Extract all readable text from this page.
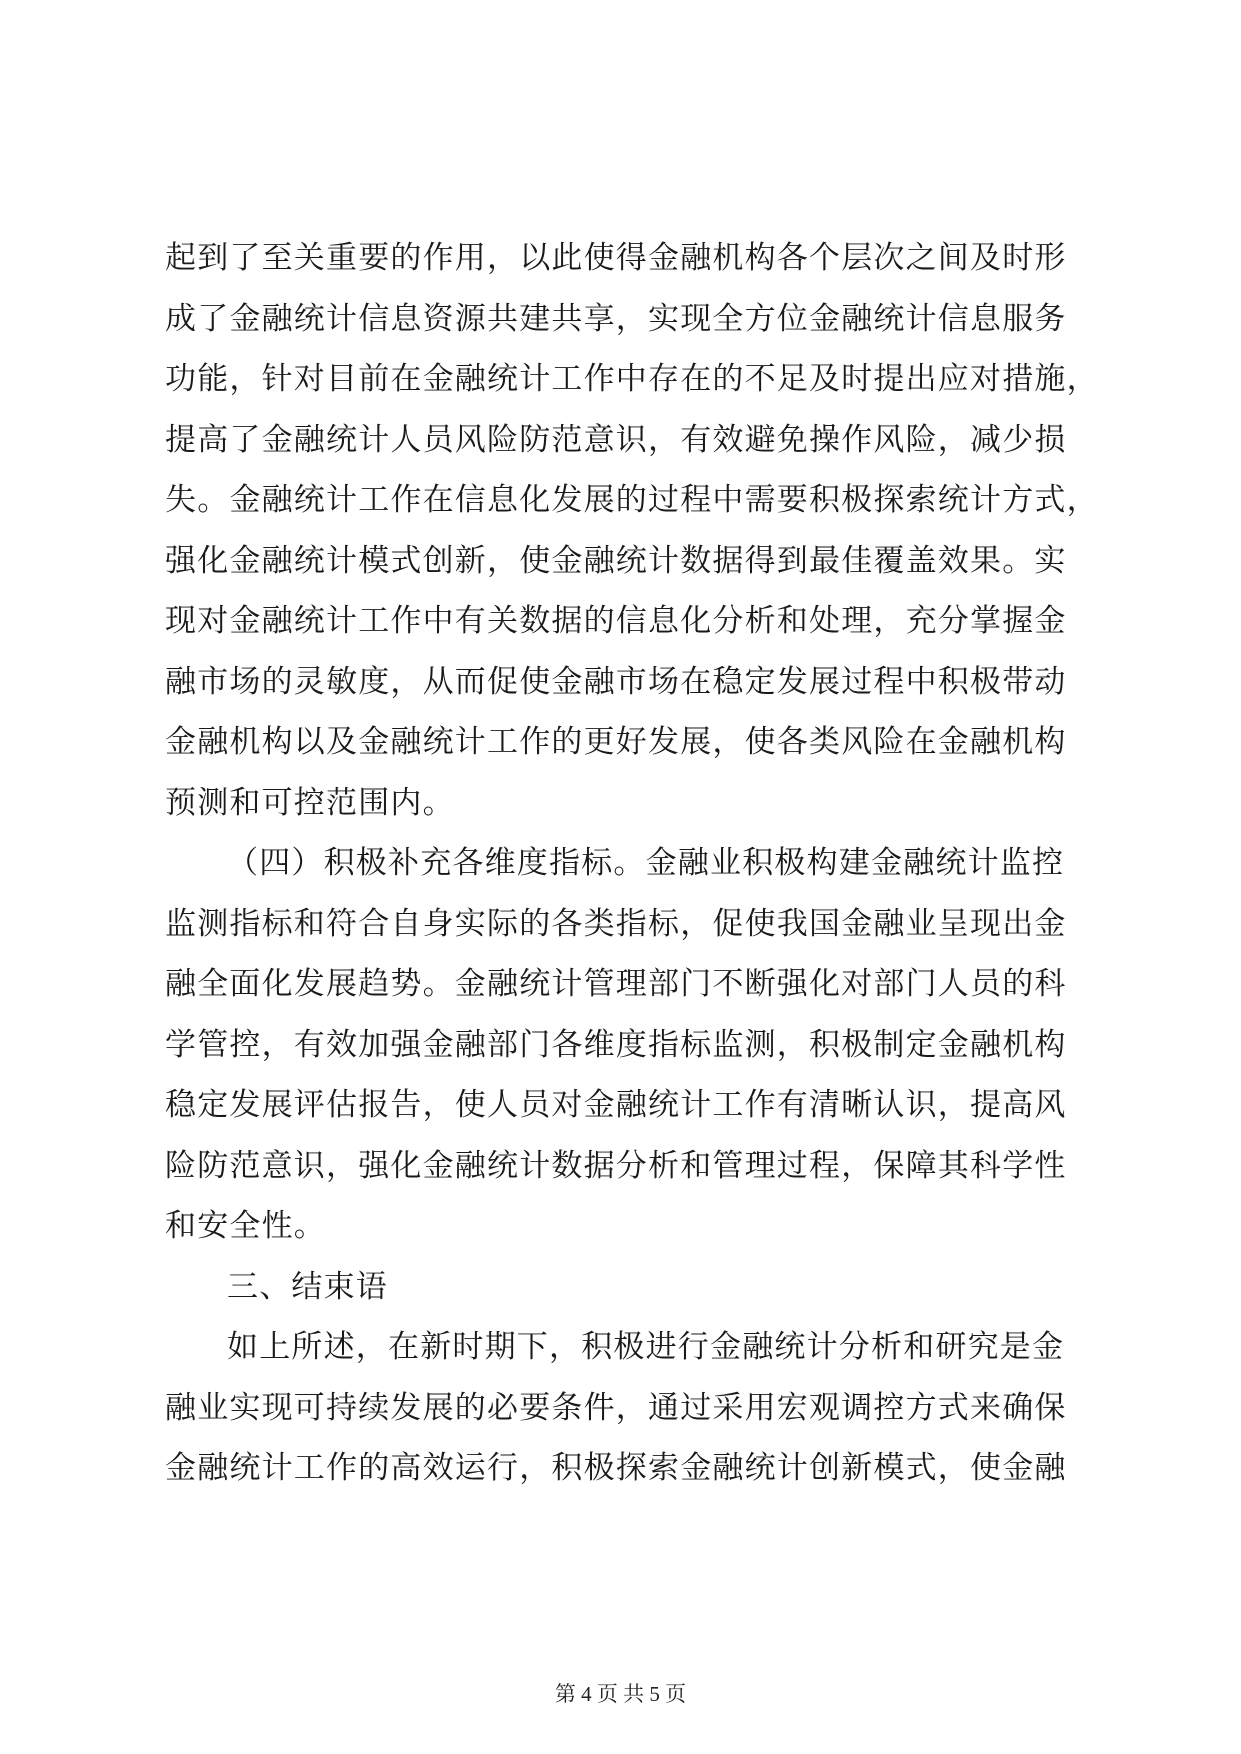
起到了至关重要的作用，以此使得金融机构各个层次之间及时形
成了金融统计信息资源共建共享，实现全方位金融统计信息服务
功能，针对目前在金融统计工作中存在的不足及时提出应对措施，
提高了金融统计人员风险防范意识，有效避免操作风险，减少损
失。金融统计工作在信息化发展的过程中需要积极探索统计方式，
强化金融统计模式创新，使金融统计数据得到最佳覆盖效果。实
现对金融统计工作中有关数据的信息化分析和处理，充分掌握金
融市场的灵敏度，从而促使金融市场在稳定发展过程中积极带动
金融机构以及金融统计工作的更好发展，使各类风险在金融机构
预测和可控范围内。
（四）积极补充各维度指标。金融业积极构建金融统计监控
监测指标和符合自身实际的各类指标，促使我国金融业呈现出金
融全面化发展趋势。金融统计管理部门不断强化对部门人员的科
学管控，有效加强金融部门各维度指标监测，积极制定金融机构
稳定发展评估报告，使人员对金融统计工作有清晰认识，提高风
险防范意识，强化金融统计数据分析和管理过程，保障其科学性
和安全性。
三、结束语
如上所述，在新时期下，积极进行金融统计分析和研究是金
融业实现可持续发展的必要条件，通过采用宏观调控方式来确保
金融统计工作的高效运行，积极探索金融统计创新模式，使金融
第 4 页 共 5 页
